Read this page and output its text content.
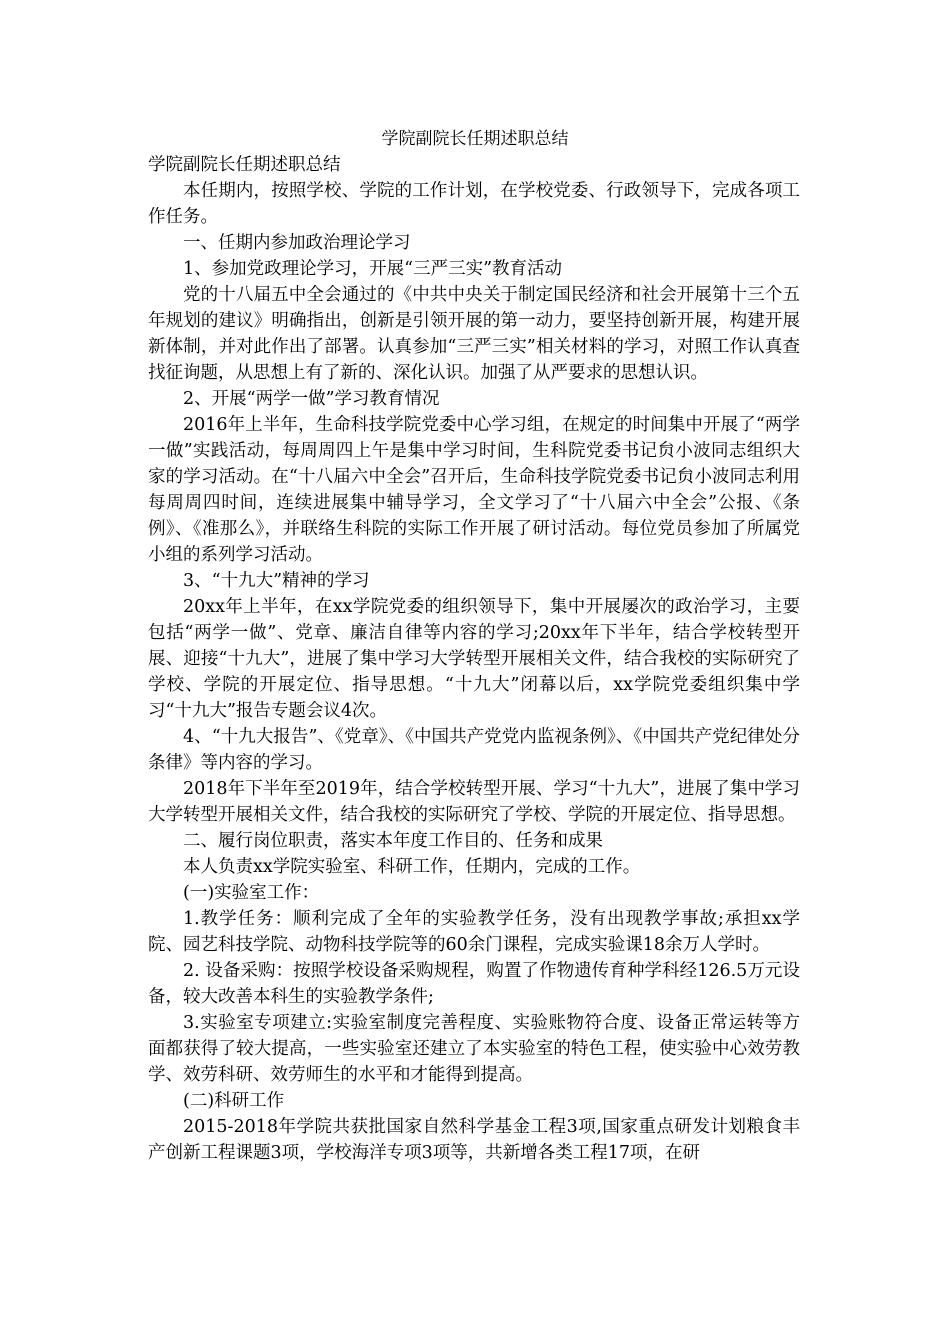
学院副院长任期述职总结

学院副院长任期述职总结

本任期内，按照学校、学院的工作计划，在学校党委、行政领导下，完成各项工作任务。

一、任期内参加政治理论学习

1、参加党政理论学习，开展“三严三实”教育活动

党的十八届五中全会通过的《中共中央关于制定国民经济和社会开展第十三个五年规划的建议》明确指出，创新是引领开展的第一动力，要坚持创新开展，构建开展新体制，并对此作出了部署。认真参加“三严三实”相关材料的学习，对照工作认真查找征询题，从思想上有了新的、深化认识。加强了从严要求的思想认识。

2、开展“两学一做”学习教育情况

2016年上半年，生命科技学院党委中心学习组，在规定的时间集中开展了“两学一做”实践活动，每周周四上午是集中学习时间，生科院党委书记贠小波同志组织大家的学习活动。在“十八届六中全会”召开后，生命科技学院党委书记贠小波同志利用每周周四时间，连续进展集中辅导学习，全文学习了“十八届六中全会”公报、《条例》、《准那么》，并联络生科院的实际工作开展了研讨活动。每位党员参加了所属党小组的系列学习活动。

3、“十九大”精神的学习

20xx年上半年，在xx学院党委的组织领导下，集中开展屡次的政治学习，主要包括“两学一做”、党章、廉洁自律等内容的学习;20xx年下半年，结合学校转型开展、迎接“十九大”，进展了集中学习大学转型开展相关文件，结合我校的实际研究了学校、学院的开展定位、指导思想。“十九大”闭幕以后，xx学院党委组织集中学习“十九大”报告专题会议4次。

4、“十九大报告”、《党章》、《中国共产党党内监视条例》、《中国共产党纪律处分条律》等内容的学习。

2018年下半年至2019年，结合学校转型开展、学习“十九大”，进展了集中学习大学转型开展相关文件，结合我校的实际研究了学校、学院的开展定位、指导思想。

二、履行岗位职责，落实本年度工作目的、任务和成果

本人负责xx学院实验室、科研工作，任期内，完成的工作。

(一)实验室工作：

1.教学任务：顺利完成了全年的实验教学任务，没有出现教学事故;承担xx学院、园艺科技学院、动物科技学院等的60余门课程，完成实验课18余万人学时。

2. 设备采购：按照学校设备采购规程，购置了作物遗传育种学科经126.5万元设备，较大改善本科生的实验教学条件;

3.实验室专项建立:实验室制度完善程度、实验账物符合度、设备正常运转等方面都获得了较大提高，一些实验室还建立了本实验室的特色工程，使实验中心效劳教学、效劳科研、效劳师生的水平和才能得到提高。

(二)科研工作

2015-2018年学院共获批国家自然科学基金工程3项,国家重点研发计划粮食丰产创新工程课题3项，学校海洋专项3项等，共新增各类工程17项，在研
